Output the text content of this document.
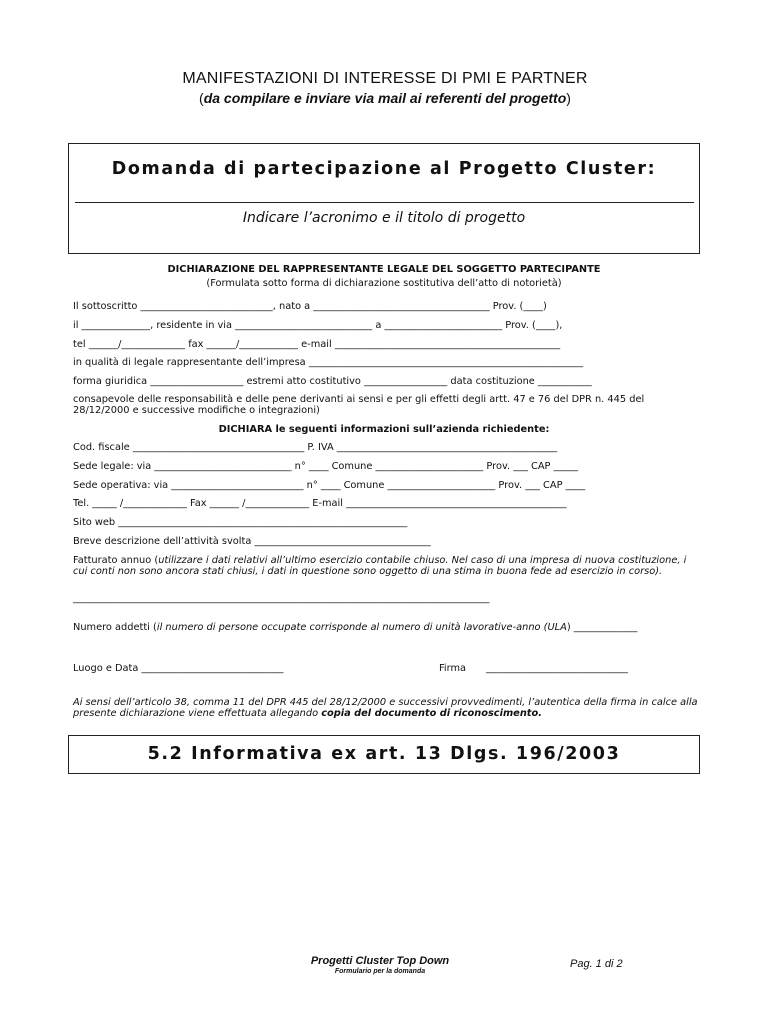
MANIFESTAZIONI DI INTERESSE DI PMI E PARTNER
(da compilare e inviare via mail ai referenti del progetto)
Domanda di partecipazione al Progetto Cluster:
Indicare l’acronimo e il titolo di progetto
DICHIARAZIONE DEL RAPPRESENTANTE LEGALE DEL SOGGETTO PARTECIPANTE
(Formulata sotto forma di dichiarazione sostitutiva dell’atto di notorietà)
Il sottoscritto ___________________________, nato a ____________________________________ Prov. (____)
il ______________, residente in via ____________________________ a ________________________ Prov. (____),
tel ______/_____________ fax ______/____________ e-mail ______________________________________________
in qualità di legale rappresentante dell’impresa ________________________________________________________
forma giuridica ___________________ estremi atto costitutivo _________________ data costituzione ___________
consapevole delle responsabilità e delle pene derivanti ai sensi e per gli effetti degli artt. 47 e 76 del DPR n. 445 del 28/12/2000 e successive modifiche o integrazioni)
DICHIARA le seguenti informazioni sull’azienda richiedente:
Cod. fiscale ___________________________________ P. IVA _____________________________________________
Sede legale: via ____________________________ n° ____ Comune ______________________ Prov. ___ CAP _____
Sede operativa: via ___________________________ n° ____ Comune ______________________ Prov. ___ CAP ____
Tel. _____ /_____________ Fax ______ /_____________ E-mail _____________________________________________
Sito web ___________________________________________________________
Breve descrizione dell’attività svolta ____________________________________
Fatturato annuo (utilizzare i dati relativi all’ultimo esercizio contabile chiuso. Nel caso di una impresa di nuova costituzione, i cui conti non sono ancora stati chiusi, i dati in questione sono oggetto di una stima in buona fede ad esercizio in corso).
_____________________________________________________________________________________
Numero addetti (il numero di persone occupate corrisponde al numero di unità lavorative-anno (ULA) _____________
Luogo e Data _____________________________	Firma _____________________________
Ai sensi dell’articolo 38, comma 11 del DPR 445 del 28/12/2000 e successivi provvedimenti, l’autentica della firma in calce alla presente dichiarazione viene effettuata allegando copia del documento di riconoscimento.
5.2 Informativa ex art. 13 Dlgs. 196/2003
Progetti Cluster Top Down
Formulario per la domanda
Pag. 1 di 2
